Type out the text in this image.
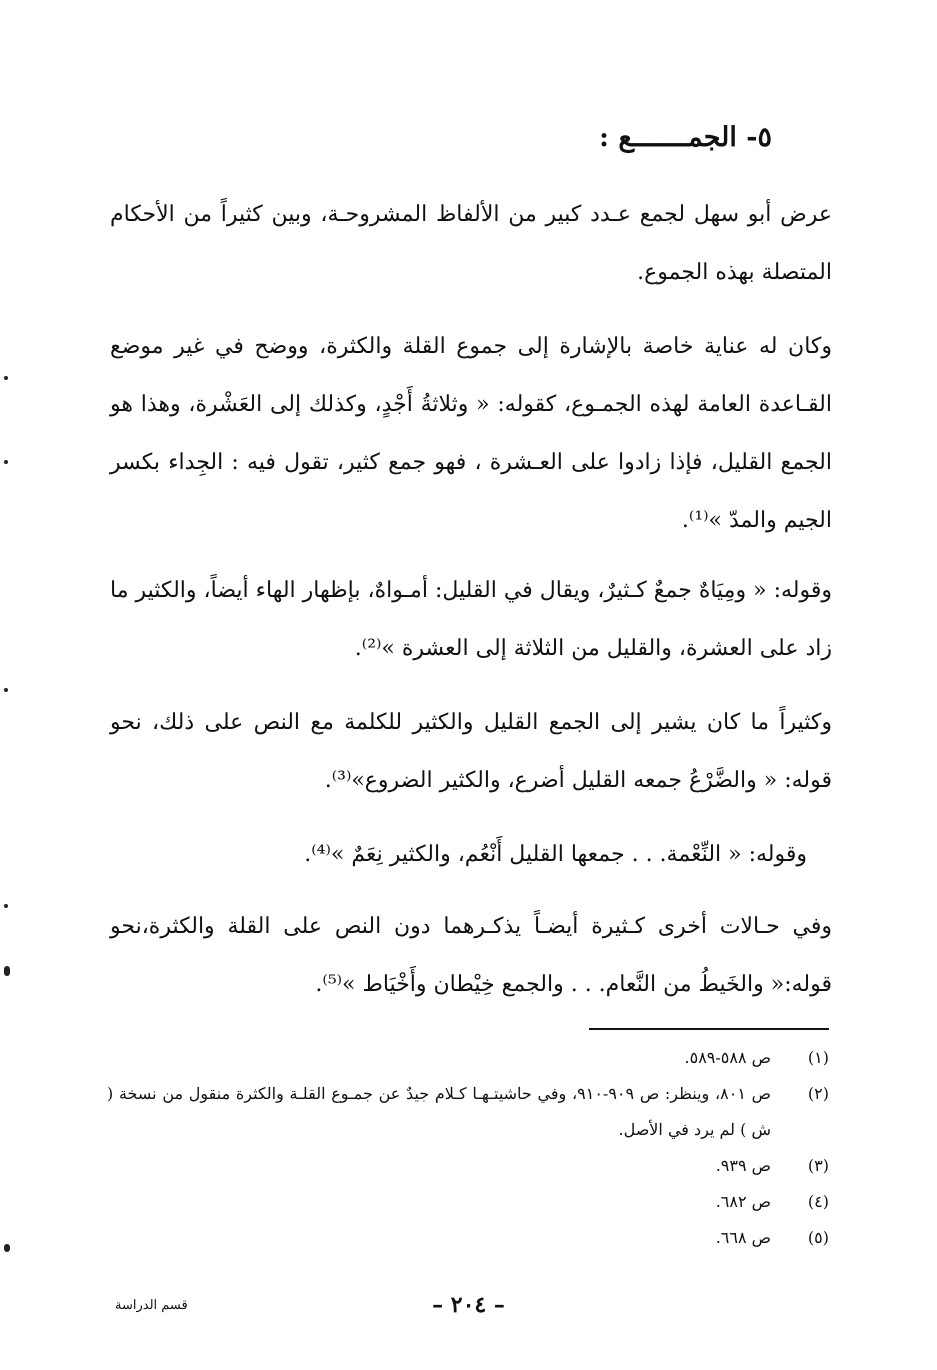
٥- الجمـــــــع :

عرض أبو سهل لجمع عـدد كبير من الألفاظ المشروحـة، وبين كثيراً من الأحكام المتصلة بهذه الجموع.

وكان له عناية خاصة بالإشارة إلى جموع القلة والكثرة، ووضح في غير موضع القـاعدة العامة لهذه الجمـوع، كقوله: « وثلاثةُ أَجْدٍ، وكذلك إلى العَشْرة، وهذا هو الجمع القليل، فإذا زادوا على العـشرة ، فهو جمع كثير، تقول فيه : الجِداء بكسر الجيم والمدّ »⁽¹⁾.

وقوله: « ومِيَاهٌ جمعٌ كـثيرٌ، ويقال في القليل: أمـواهٌ، بإظهار الهاء أيضاً، والكثير ما زاد على العشرة، والقليل من الثلاثة إلى العشرة »⁽²⁾.

وكثيراً ما كان يشير إلى الجمع القليل والكثير للكلمة مع النص على ذلك، نحو قوله: « والضَّرْعُ جمعه القليل أضرع، والكثير الضروع»⁽³⁾.

وقوله: « النِّعْمة. . . جمعها القليل أَنْعُم، والكثير نِعَمٌ »⁽⁴⁾.

وفي حـالات أخرى كـثيرة أيضـاً يذكـرهما دون النص على القلة والكثرة،نحو قوله:« والخَيطُ من النَّعام. . . والجمع خِيْطان وأَخْيَاط »⁽⁵⁾.

(١)
ص ٥٨٨-٥٨٩.
(٢)
ص ٨٠١، وينظر: ص ٩٠٩-٩١٠، وفي حاشيتـهـا كـلام جيدٌ عن جمـوع القلـة والكثرة منقول من نسخة ( ش ) لم يرد في الأصل.
(٣)
ص ٩٣٩.
(٤)
ص ٦٨٢.
(٥)
ص ٦٦٨.
– ٢٠٤ –
قسم الدراسة
